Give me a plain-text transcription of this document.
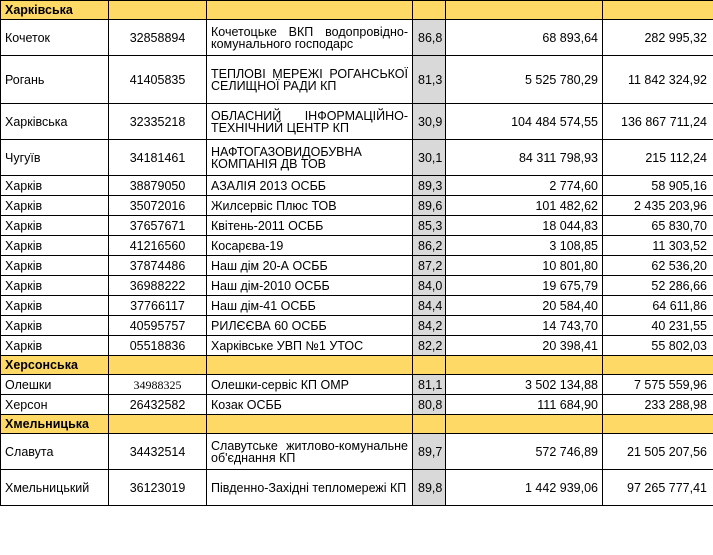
Харківська					
Кочеток	32858894	Кочетоцьке ВКП водопровідно-комунального господарс	86,8	68 893,64	282 995,32
Рогань	41405835	ТЕПЛОВІ МЕРЕЖІ РОГАНСЬКОЇ СЕЛИЩНОЇ РАДИ КП	81,3	5 525 780,29	11 842 324,92
Харківська	32335218	ОБЛАСНИЙ ІНФОРМАЦІЙНО-ТЕХНІЧНИЙ ЦЕНТР КП	30,9	104 484 574,55	136 867 711,24
Чугуїв	34181461	НАФТОГАЗОВИДОБУВНА КОМПАНІЯ ДВ ТОВ	30,1	84 311 798,93	215 112,24
Харків	38879050	АЗАЛІЯ 2013 ОСББ	89,3	2 774,60	58 905,16
Харків	35072016	Жилсервіс Плюс ТОВ	89,6	101 482,62	2 435 203,96
Харків	37657671	Квітень-2011 ОСББ	85,3	18 044,83	65 830,70
Харків	41216560	Косарєва-19	86,2	3 108,85	11 303,52
Харків	37874486	Наш дім 20-А ОСББ	87,2	10 801,80	62 536,20
Харків	36988222	Наш дім-2010 ОСББ	84,0	19 675,79	52 286,66
Харків	37766117	Наш дім-41 ОСББ	84,4	20 584,40	64 611,86
Харків	40595757	РИЛЄЄВА 60 ОСББ	84,2	14 743,70	40 231,55
Харків	05518836	Харківське УВП №1 УТОС	82,2	20 398,41	55 802,03
Херсонська					
Олешки	34988325	Олешки-сервіс КП ОМР	81,1	3 502 134,88	7 575 559,96
Херсон	26432582	Козак ОСББ	80,8	111 684,90	233 288,98
Хмельницька					
Славута	34432514	Славутське житлово-комунальне об'єднання КП	89,7	572 746,89	21 505 207,56
Хмельницький	36123019	Південно-Західні тепломережі КП	89,8	1 442 939,06	97 265 777,41
